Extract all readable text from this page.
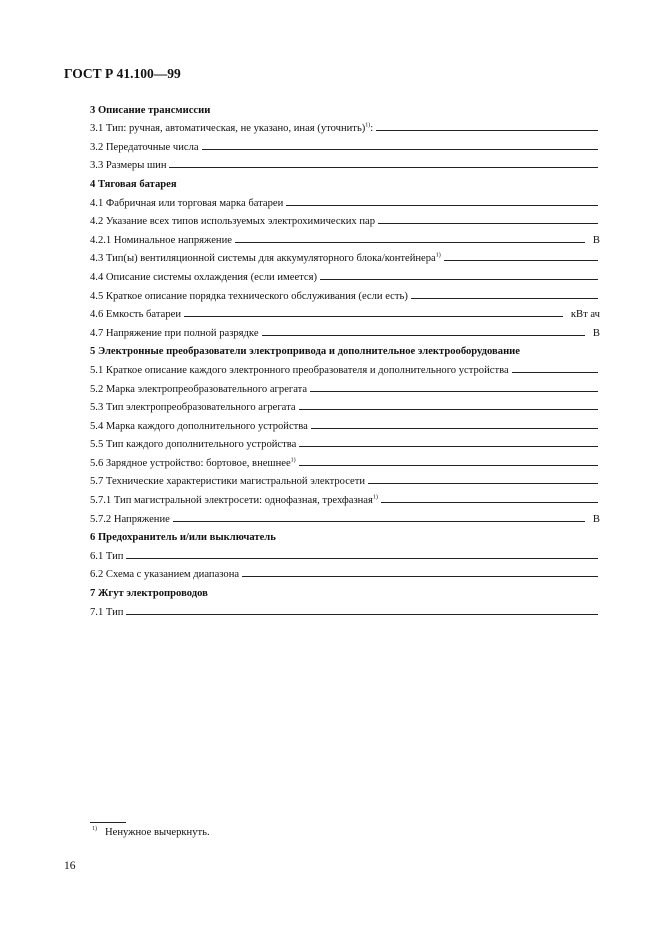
ГОСТ Р 41.100—99
3 Описание трансмиссии
3.1 Тип: ручная, автоматическая, не указано, иная (уточнить)$^{1)}$:
3.2 Передаточные числа
3.3 Размеры шин
4 Тяговая батарея
4.1 Фабричная или торговая марка батареи
4.2 Указание всех типов используемых электрохимических пар
4.2.1 Номинальное напряжение	В
4.3 Тип(ы) вентиляционной системы для аккумуляторного блока/контейнера$^{1)}$
4.4 Описание системы охлаждения (если имеется)
4.5 Краткое описание порядка технического обслуживания (если есть)
4.6 Емкость батареи	кВт ач
4.7 Напряжение при полной разрядке	В
5 Электронные преобразователи электропривода и дополнительное электрооборудование
5.1 Краткое описание каждого электронного преобразователя и дополнительного устройства
5.2 Марка электропреобразовательного агрегата
5.3 Тип электропреобразовательного агрегата
5.4 Марка каждого дополнительного устройства
5.5 Тип каждого дополнительного устройства
5.6 Зарядное устройство: бортовое, внешнее$^{1)}$
5.7 Технические характеристики магистральной электросети
5.7.1 Тип магистральной электросети: однофазная, трехфазная$^{1)}$
5.7.2 Напряжение	В
6 Предохранитель и/или выключатель
6.1 Тип
6.2 Схема с указанием диапазона
7 Жгут электропроводов
7.1 Тип
$^{1)}$ Ненужное вычеркнуть.
16
